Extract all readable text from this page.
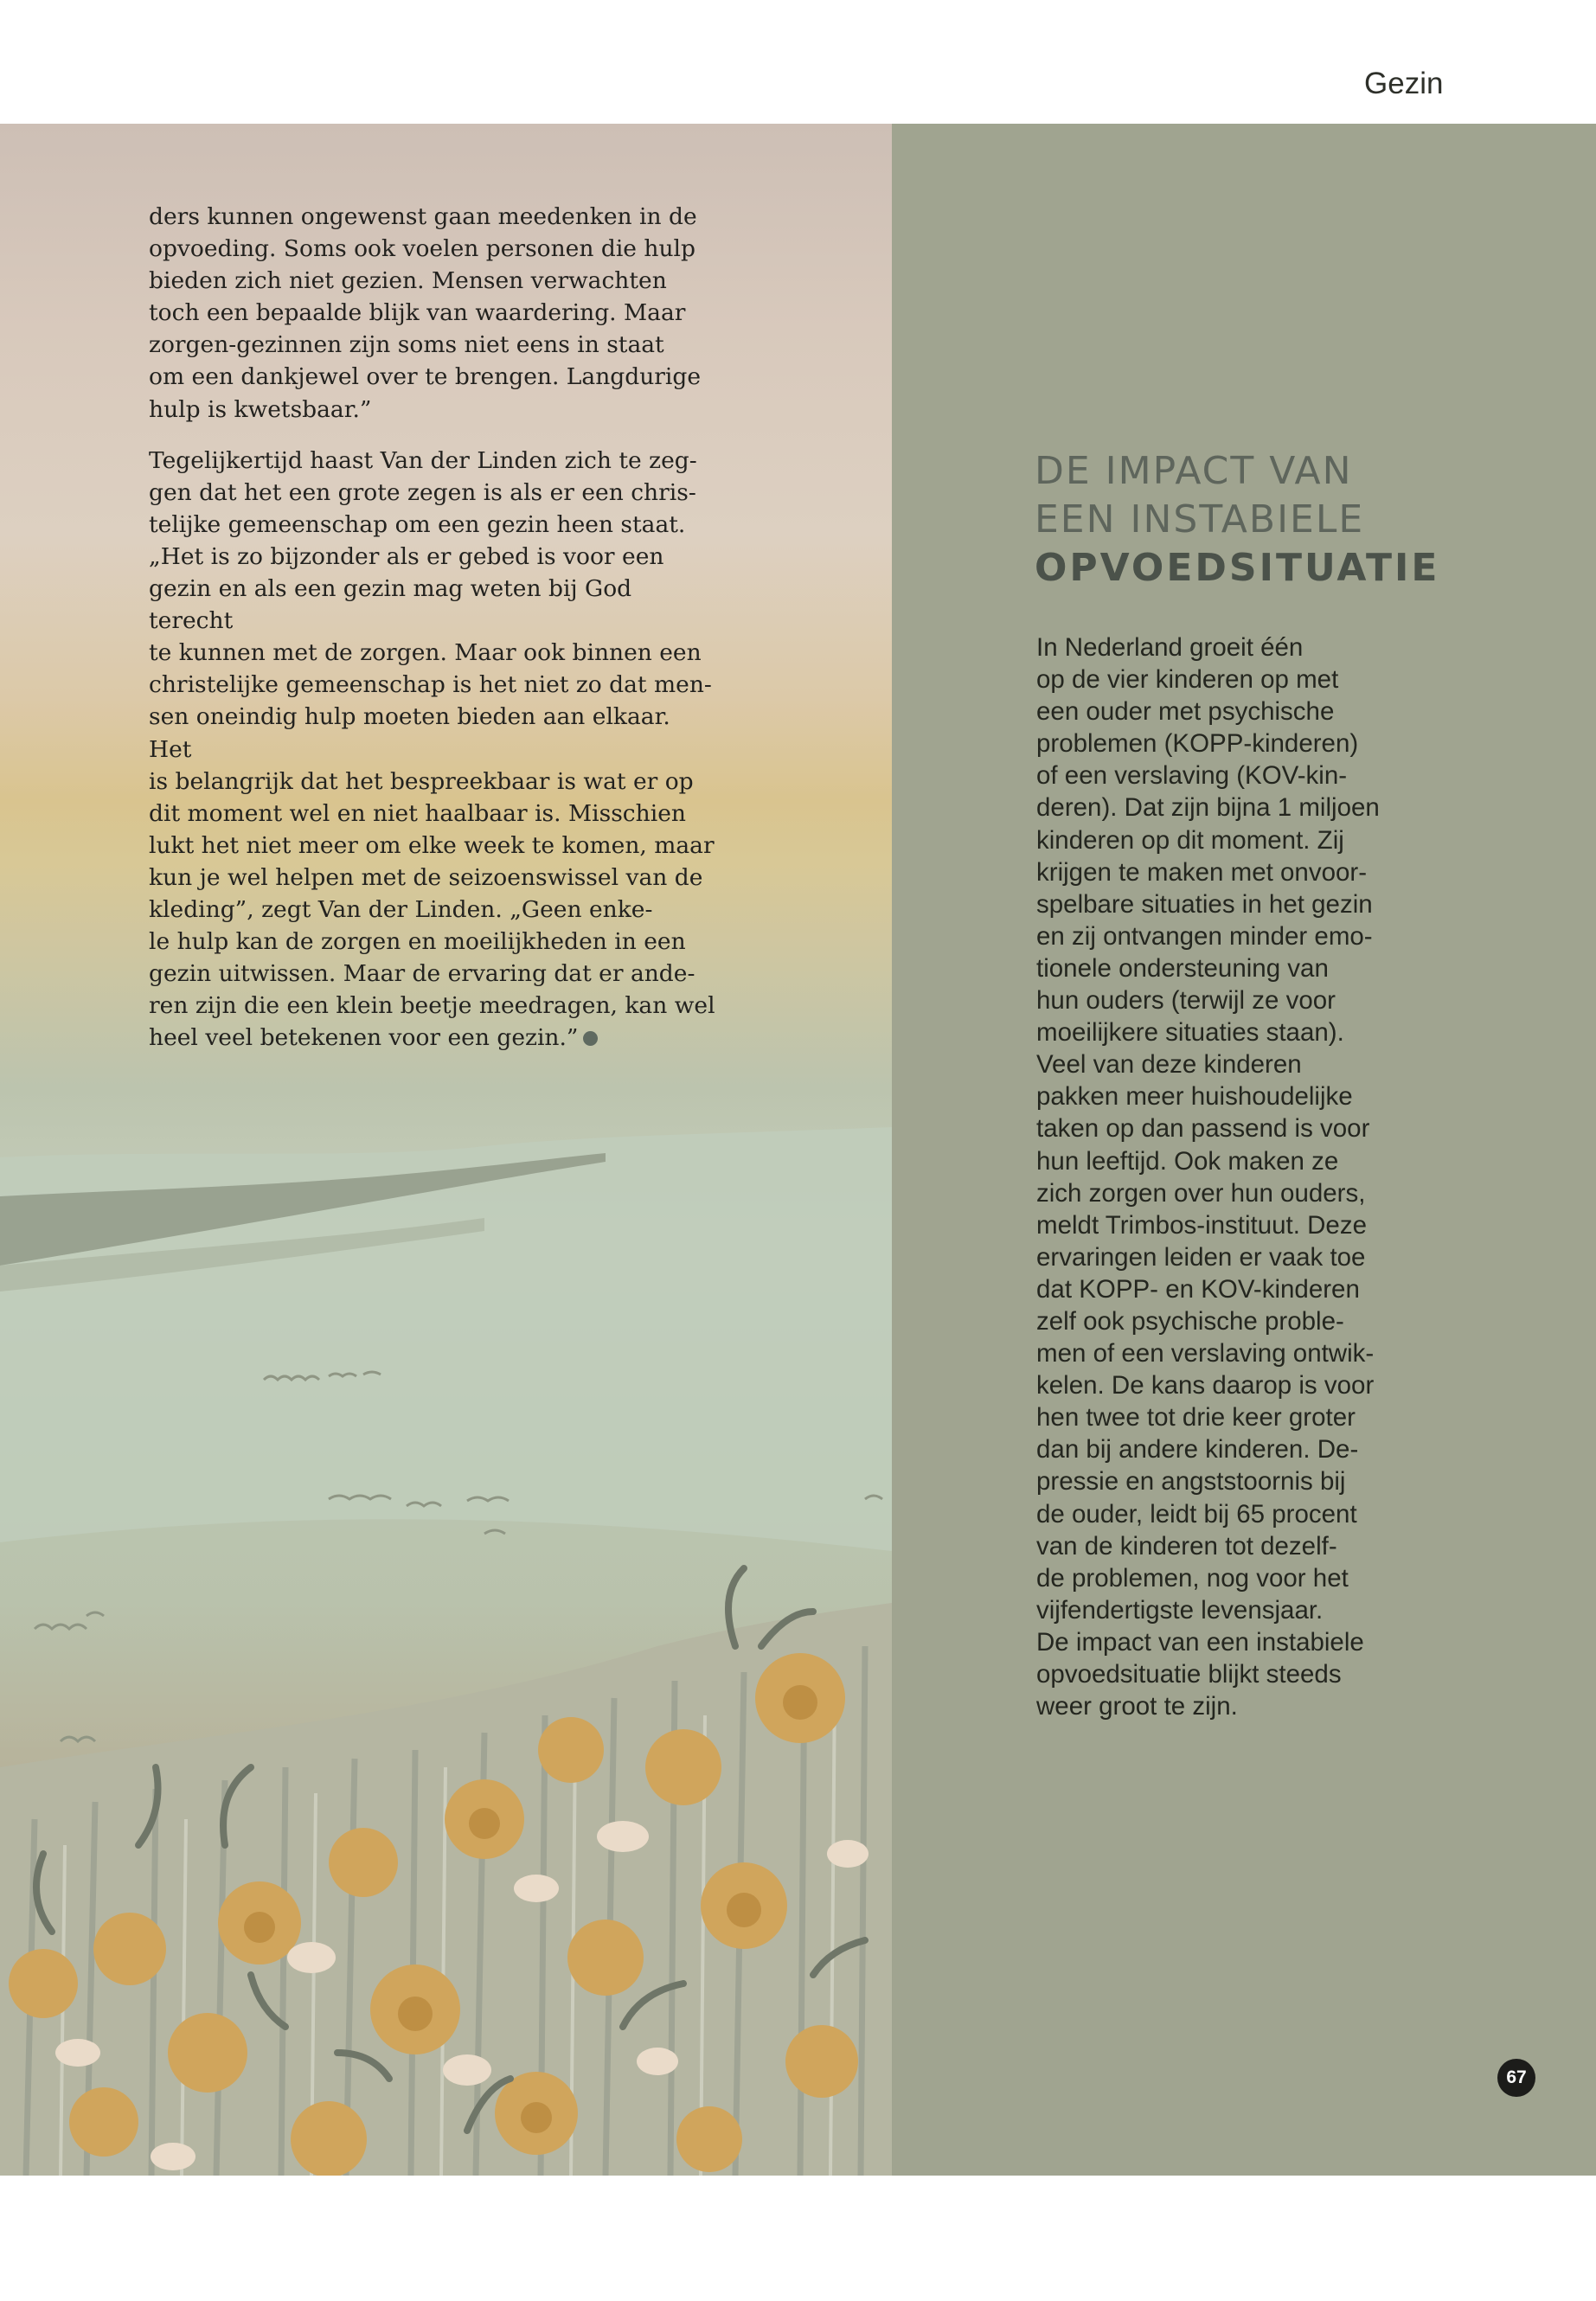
Gezin

ders kunnen ongewenst gaan meedenken in de
opvoeding. Soms ook voelen personen die hulp
bieden zich niet gezien. Mensen verwachten
toch een bepaalde blijk van waardering. Maar
zorgen-gezinnen zijn soms niet eens in staat
om een dankjewel over te brengen. Langdurige
hulp is kwetsbaar.”

Tegelijkertijd haast Van der Linden zich te zeg-
gen dat het een grote zegen is als er een chris-
telijke gemeenschap om een gezin heen staat.
„Het is zo bijzonder als er gebed is voor een
gezin en als een gezin mag weten bij God terecht
te kunnen met de zorgen. Maar ook binnen een
christelijke gemeenschap is het niet zo dat men-
sen oneindig hulp moeten bieden aan elkaar. Het
is belangrijk dat het bespreekbaar is wat er op
dit moment wel en niet haalbaar is. Misschien
lukt het niet meer om elke week te komen, maar
kun je wel helpen met de seizoenswissel van de
kleding”, zegt Van der Linden. „Geen enke-
le hulp kan de zorgen en moeilijkheden in een
gezin uitwissen. Maar de ervaring dat er ande-
ren zijn die een klein beetje meedragen, kan wel
heel veel betekenen voor een gezin.”

DE IMPACT VAN
EEN INSTABIELE
OPVOEDSITUATIE

In Nederland groeit één
op de vier kinderen op met
een ouder met psychische
problemen (KOPP-kinderen)
of een verslaving (KOV-kin-
deren). Dat zijn bijna 1 miljoen
kinderen op dit moment. Zij
krijgen te maken met onvoor-
spelbare situaties in het gezin
en zij ontvangen minder emo-
tionele ondersteuning van
hun ouders (terwijl ze voor
moeilijkere situaties staan).
Veel van deze kinderen
pakken meer huishoudelijke
taken op dan passend is voor
hun leeftijd. Ook maken ze
zich zorgen over hun ouders,
meldt Trimbos-instituut. Deze
ervaringen leiden er vaak toe
dat KOPP- en KOV-kinderen
zelf ook psychische proble-
men of een verslaving ontwik-
kelen. De kans daarop is voor
hen twee tot drie keer groter
dan bij andere kinderen. De-
pressie en angststoornis bij
de ouder, leidt bij 65 procent
van de kinderen tot dezelf-
de problemen, nog voor het
vijfendertigste levensjaar.
De impact van een instabiele
opvoedsituatie blijkt steeds
weer groot te zijn.

67
